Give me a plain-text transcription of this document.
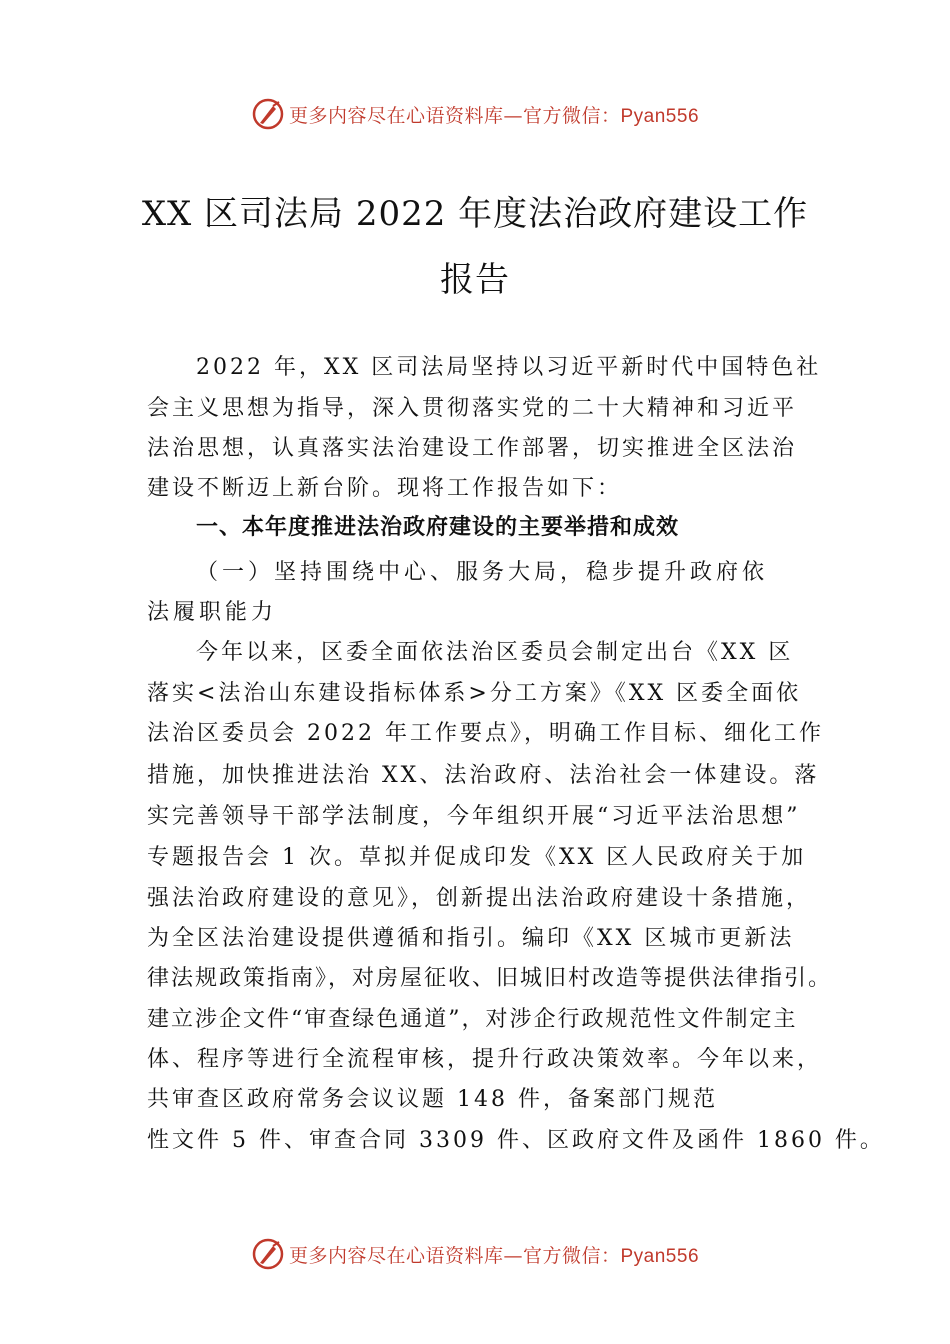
更多内容尽在心语资料库—官方微信：Pyan556
XX 区司法局 2022 年度法治政府建设工作
报告
2022 年，XX 区司法局坚持以习近平新时代中国特色社
会主义思想为指导，深入贯彻落实党的二十大精神和习近平
法治思想，认真落实法治建设工作部署，切实推进全区法治
建设不断迈上新台阶。现将工作报告如下：
一、本年度推进法治政府建设的主要举措和成效
（一）坚持围绕中心、服务大局，稳步提升政府依
法履职能力
今年以来，区委全面依法治区委员会制定出台《XX 区
落实<法治山东建设指标体系>分工方案》《XX 区委全面依
法治区委员会 2022 年工作要点》，明确工作目标、细化工作
措施，加快推进法治 XX、法治政府、法治社会一体建设。落
实完善领导干部学法制度，今年组织开展“习近平法治思想”
专题报告会 1 次。草拟并促成印发《XX 区人民政府关于加
强法治政府建设的意见》，创新提出法治政府建设十条措施，
为全区法治建设提供遵循和指引。编印《XX 区城市更新法
律法规政策指南》，对房屋征收、旧城旧村改造等提供法律指引。
建立涉企文件“审查绿色通道”，对涉企行政规范性文件制定主
体、程序等进行全流程审核，提升行政决策效率。今年以来，
共审查区政府常务会议议题 148 件，备案部门规范
性文件 5 件、审查合同 3309 件、区政府文件及函件 1860 件。
更多内容尽在心语资料库—官方微信：Pyan556
